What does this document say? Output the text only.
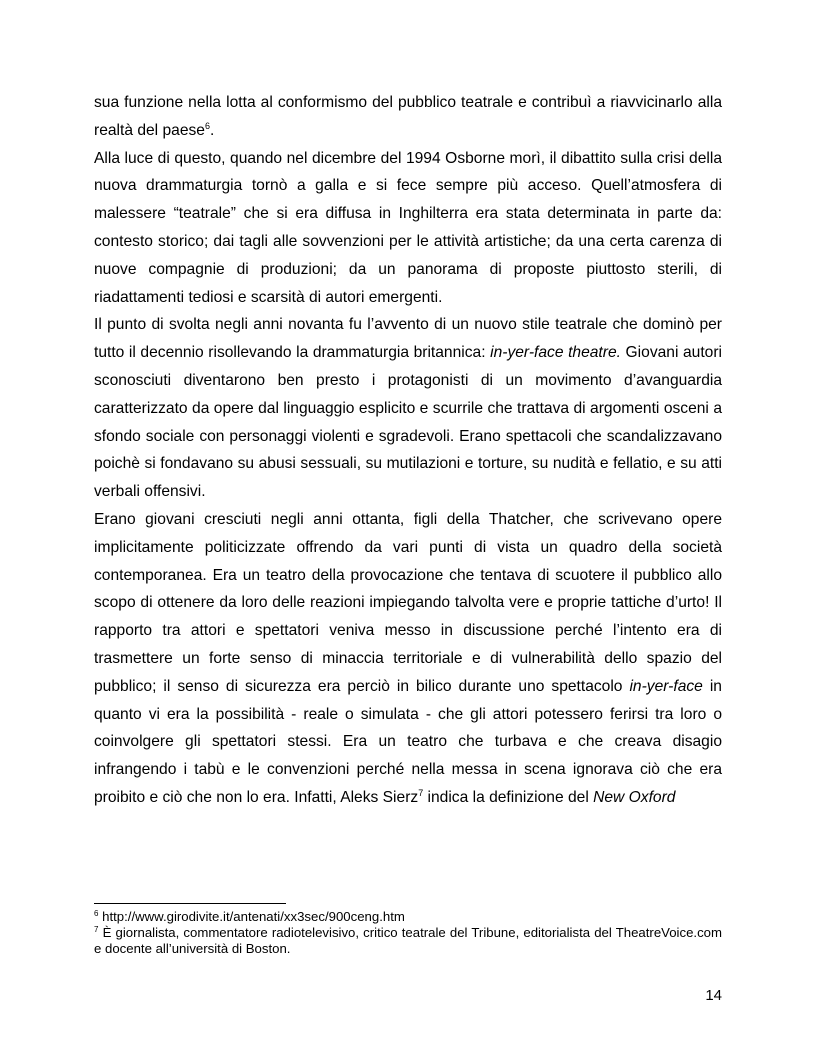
sua funzione nella lotta al conformismo del pubblico teatrale e contribuì a riavvicinarlo alla realtà del paese$^6$.

Alla luce di questo, quando nel dicembre del 1994 Osborne morì, il dibattito sulla crisi della nuova drammaturgia tornò a galla e si fece sempre più acceso. Quell’atmosfera di malessere “teatrale” che si era diffusa in Inghilterra era stata determinata in parte da: contesto storico; dai tagli alle sovvenzioni per le attività artistiche; da una certa carenza di nuove compagnie di produzioni; da un panorama di proposte piuttosto sterili, di riadattamenti tediosi e scarsità di autori emergenti.

Il punto di svolta negli anni novanta fu l’avvento di un nuovo stile teatrale che dominò per tutto il decennio risollevando la drammaturgia britannica: in-yer-face theatre. Giovani autori sconosciuti diventarono ben presto i protagonisti di un movimento d’avanguardia caratterizzato da opere dal linguaggio esplicito e scurrile che trattava di argomenti osceni a sfondo sociale con personaggi violenti e sgradevoli. Erano spettacoli che scandalizzavano poichè si fondavano su abusi sessuali, su mutilazioni e torture, su nudità e fellatio, e su atti verbali offensivi.

Erano giovani cresciuti negli anni ottanta, figli della Thatcher, che scrivevano opere implicitamente politicizzate offrendo da vari punti di vista un quadro della società contemporanea. Era un teatro della provocazione che tentava di scuotere il pubblico allo scopo di ottenere da loro delle reazioni impiegando talvolta vere e proprie tattiche d’urto! Il rapporto tra attori e spettatori veniva messo in discussione perché l’intento era di trasmettere un forte senso di minaccia territoriale e di vulnerabilità dello spazio del pubblico; il senso di sicurezza era perciò in bilico durante uno spettacolo in-yer-face in quanto vi era la possibilità - reale o simulata - che gli attori potessero ferirsi tra loro o coinvolgere gli spettatori stessi. Era un teatro che turbava e che creava disagio infrangendo i tabù e le convenzioni perché nella messa in scena ignorava ciò che era proibito e ciò che non lo era. Infatti, Aleks Sierz$^7$ indica la definizione del New Oxford

$^6$ http://www.girodivite.it/antenati/xx3sec/900ceng.htm

$^7$ È giornalista, commentatore radiotelevisivo, critico teatrale del Tribune, editorialista del TheatreVoice.com e docente all’università di Boston.

14
